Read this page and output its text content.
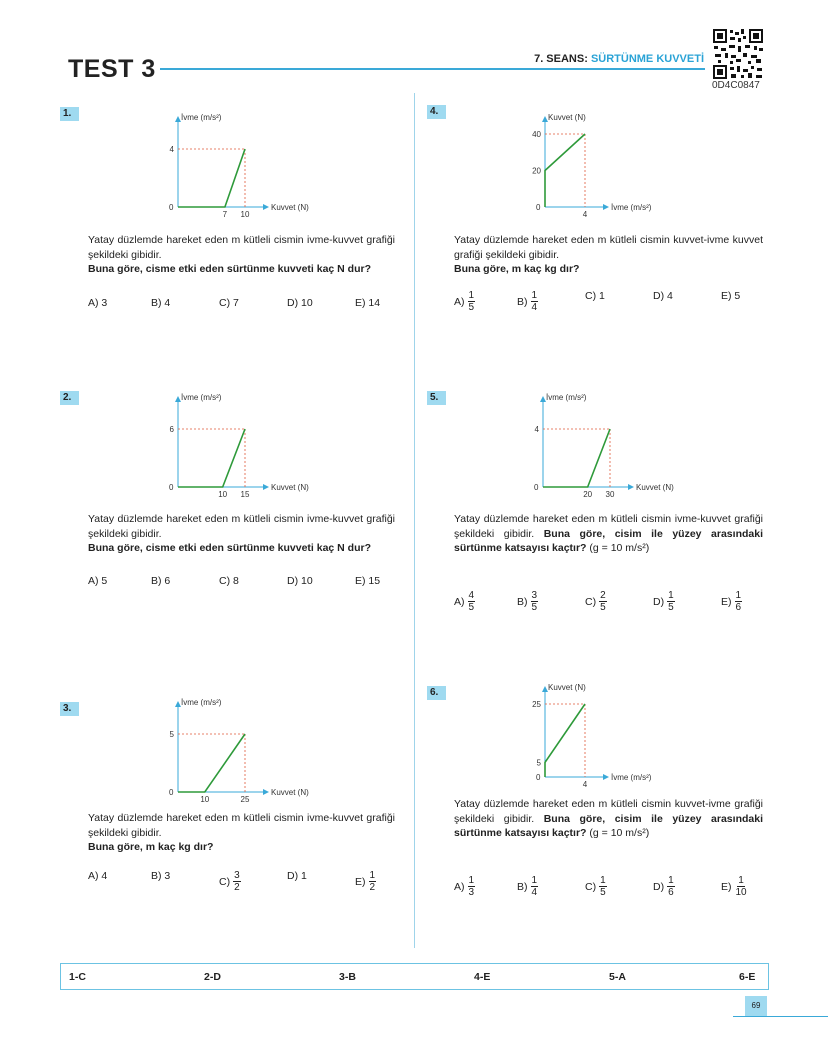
TEST 3	7. SEANS: SÜRTÜNME KUVVETİ
0D4C0847
1.	İvme (m/s²)
Kuvvet (N)
0
7 10
4
Yatay düzlemde hareket eden m kütleli cismin ivme-kuvvet grafiği şekildeki gibidir.
Buna göre, cisme etki eden sürtünme kuvveti kaç N dur?
A) 3	B) 4	C) 7	D) 10	E) 14
2.	İvme (m/s²)
Kuvvet (N)
0
10 15
6
Yatay düzlemde hareket eden m kütleli cismin ivme-kuvvet grafiği şekildeki gibidir.
Buna göre, cisme etki eden sürtünme kuvveti kaç N dur?
A) 5	B) 6	C) 8	D) 10	E) 15
3.
İvme (m/s²)
Kuvvet (N)
0
10	25
5
Yatay düzlemde hareket eden m kütleli cismin ivme-kuvvet grafiği şekildeki gibidir.
Buna göre, m kaç kg dır?
A) 4	B) 3	$C) \frac{3}{2}$	D) 1	$E) \frac{1}{2}$
4.
Kuvvet (N)
İvme (m/s²)
0
4
20
40
Yatay düzlemde hareket eden m kütleli cismin kuvvet-ivme kuvvet grafiği şekildeki gibidir.
Buna göre, m kaç kg dır?
$A) \frac{1}{5}$	$B) \frac{1}{4}$	C) 1	D) 4	E) 5
5.	İvme (m/s²)
Kuvvet (N)
0
20 30
4
Yatay düzlemde hareket eden m kütleli cismin ivme-kuvvet grafiği şekildeki gibidir. Buna göre, cisim ile yüzey arasındaki sürtünme katsayısı kaçtır? (g = 10 m/s²)
$A) \frac{4}{5}$	$B) \frac{3}{5}$	$C) \frac{2}{5}$	$D) \frac{1}{5}$	$E) \frac{1}{6}$
6.	Kuvvet (N)
İvme (m/s²)
0
4
5
25
Yatay düzlemde hareket eden m kütleli cismin kuvvet-ivme grafiği şekildeki gibidir. Buna göre, cisim ile yüzey arasındaki sürtünme katsayısı kaçtır? (g = 10 m/s²)
$A) \frac{1}{3}$	$B) \frac{1}{4}$	$C) \frac{1}{5}$	$D) \frac{1}{6}$	$E) \frac{1}{10}$
1-C	2-D	3-B	4-E	5-A	6-E
69
